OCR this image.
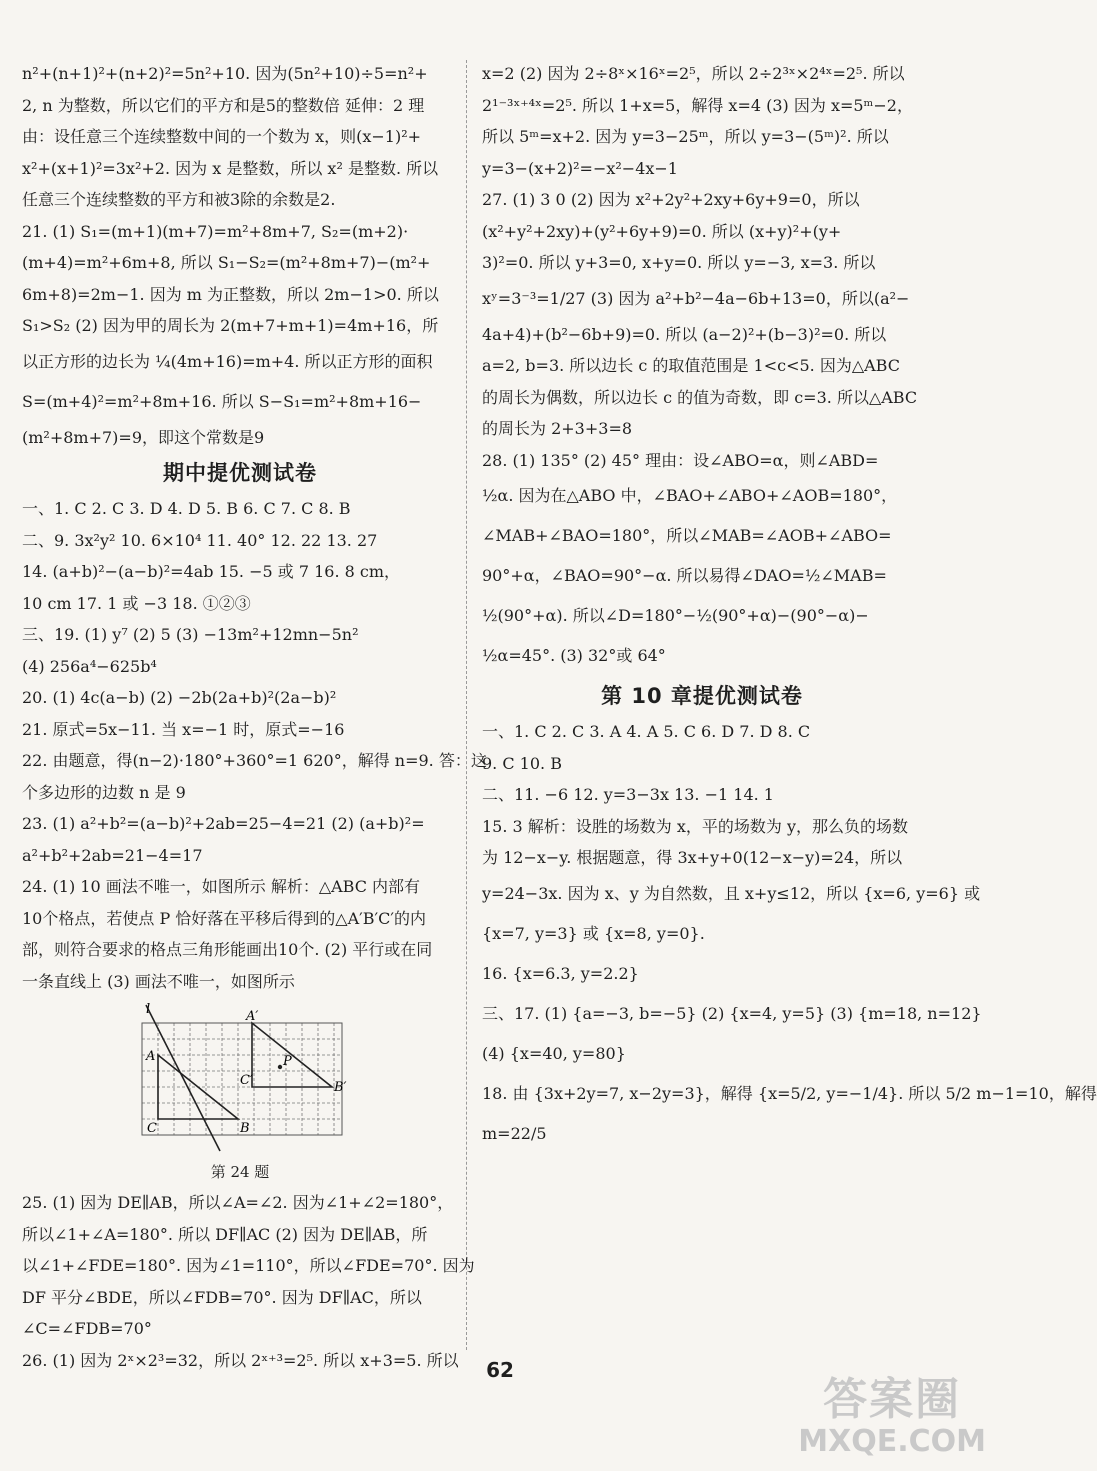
n²+(n+1)²+(n+2)²=5n²+10. 因为(5n²+10)÷5=n²+
2, n 为整数，所以它们的平方和是5的整数倍 延伸：2 理
由：设任意三个连续整数中间的一个数为 x，则(x−1)²+
x²+(x+1)²=3x²+2. 因为 x 是整数，所以 x² 是整数. 所以
任意三个连续整数的平方和被3除的余数是2.
21. (1) S₁=(m+1)(m+7)=m²+8m+7, S₂=(m+2)·
(m+4)=m²+6m+8, 所以 S₁−S₂=(m²+8m+7)−(m²+
6m+8)=2m−1. 因为 m 为正整数，所以 2m−1>0. 所以
S₁>S₂ (2) 因为甲的周长为 2(m+7+m+1)=4m+16，所
以正方形的边长为 ¼(4m+16)=m+4. 所以正方形的面积
S=(m+4)²=m²+8m+16. 所以 S−S₁=m²+8m+16−
(m²+8m+7)=9，即这个常数是9
期中提优测试卷
一、1. C 2. C 3. D 4. D 5. B 6. C 7. C 8. B
二、9. 3x²y² 10. 6×10⁴ 11. 40° 12. 22 13. 27
14. (a+b)²−(a−b)²=4ab 15. −5 或 7 16. 8 cm，
10 cm 17. 1 或 −3 18. ①②③
三、19. (1) y⁷ (2) 5 (3) −13m²+12mn−5n²
(4) 256a⁴−625b⁴
20. (1) 4c(a−b) (2) −2b(2a+b)²(2a−b)²
21. 原式=5x−11. 当 x=−1 时，原式=−16
22. 由题意，得(n−2)·180°+360°=1 620°，解得 n=9. 答：这
个多边形的边数 n 是 9
23. (1) a²+b²=(a−b)²+2ab=25−4=21 (2) (a+b)²=
a²+b²+2ab=21−4=17
24. (1) 10 画法不唯一，如图所示 解析：△ABC 内部有
10个格点，若使点 P 恰好落在平移后得到的△A′B′C′的内
部，则符合要求的格点三角形能画出10个. (2) 平行或在同
一条直线上 (3) 画法不唯一，如图所示
l
A
A′
P
C′	B′
C	B
第 24 题
25. (1) 因为 DE∥AB，所以∠A=∠2. 因为∠1+∠2=180°，
所以∠1+∠A=180°. 所以 DF∥AC (2) 因为 DE∥AB，所
以∠1+∠FDE=180°. 因为∠1=110°，所以∠FDE=70°. 因为
DF 平分∠BDE，所以∠FDB=70°. 因为 DF∥AC，所以
∠C=∠FDB=70°
26. (1) 因为 2ˣ×2³=32，所以 2ˣ⁺³=2⁵. 所以 x+3=5. 所以
x=2 (2) 因为 2÷8ˣ×16ˣ=2⁵，所以 2÷2³ˣ×2⁴ˣ=2⁵. 所以
2¹⁻³ˣ⁺⁴ˣ=2⁵. 所以 1+x=5，解得 x=4 (3) 因为 x=5ᵐ−2，
所以 5ᵐ=x+2. 因为 y=3−25ᵐ，所以 y=3−(5ᵐ)². 所以
y=3−(x+2)²=−x²−4x−1
27. (1) 3 0 (2) 因为 x²+2y²+2xy+6y+9=0，所以
(x²+y²+2xy)+(y²+6y+9)=0. 所以 (x+y)²+(y+
3)²=0. 所以 y+3=0, x+y=0. 所以 y=−3, x=3. 所以
xʸ=3⁻³=1/27 (3) 因为 a²+b²−4a−6b+13=0，所以(a²−
4a+4)+(b²−6b+9)=0. 所以 (a−2)²+(b−3)²=0. 所以
a=2, b=3. 所以边长 c 的取值范围是 1<c<5. 因为△ABC
的周长为偶数，所以边长 c 的值为奇数，即 c=3. 所以△ABC
的周长为 2+3+3=8
28. (1) 135° (2) 45° 理由：设∠ABO=α，则∠ABD=
½α. 因为在△ABO 中，∠BAO+∠ABO+∠AOB=180°，
∠MAB+∠BAO=180°，所以∠MAB=∠AOB+∠ABO=
90°+α，∠BAO=90°−α. 所以易得∠DAO=½∠MAB=
½(90°+α). 所以∠D=180°−½(90°+α)−(90°−α)−
½α=45°. (3) 32°或 64°
第 10 章提优测试卷
一、1. C 2. C 3. A 4. A 5. C 6. D 7. D 8. C
9. C 10. B
二、11. −6 12. y=3−3x 13. −1 14. 1
15. 3 解析：设胜的场数为 x，平的场数为 y，那么负的场数
为 12−x−y. 根据题意，得 3x+y+0(12−x−y)=24，所以
y=24−3x. 因为 x、y 为自然数，且 x+y≤12，所以 {x=6, y=6} 或
{x=7, y=3} 或 {x=8, y=0}.
16. {x=6.3, y=2.2}
三、17. (1) {a=−3, b=−5} (2) {x=4, y=5} (3) {m=18, n=12}
(4) {x=40, y=80}
18. 由 {3x+2y=7, x−2y=3}，解得 {x=5/2, y=−1/4}. 所以 5/2 m−1=10，解得
m=22/5
62
答案圈
MXQE.COM
